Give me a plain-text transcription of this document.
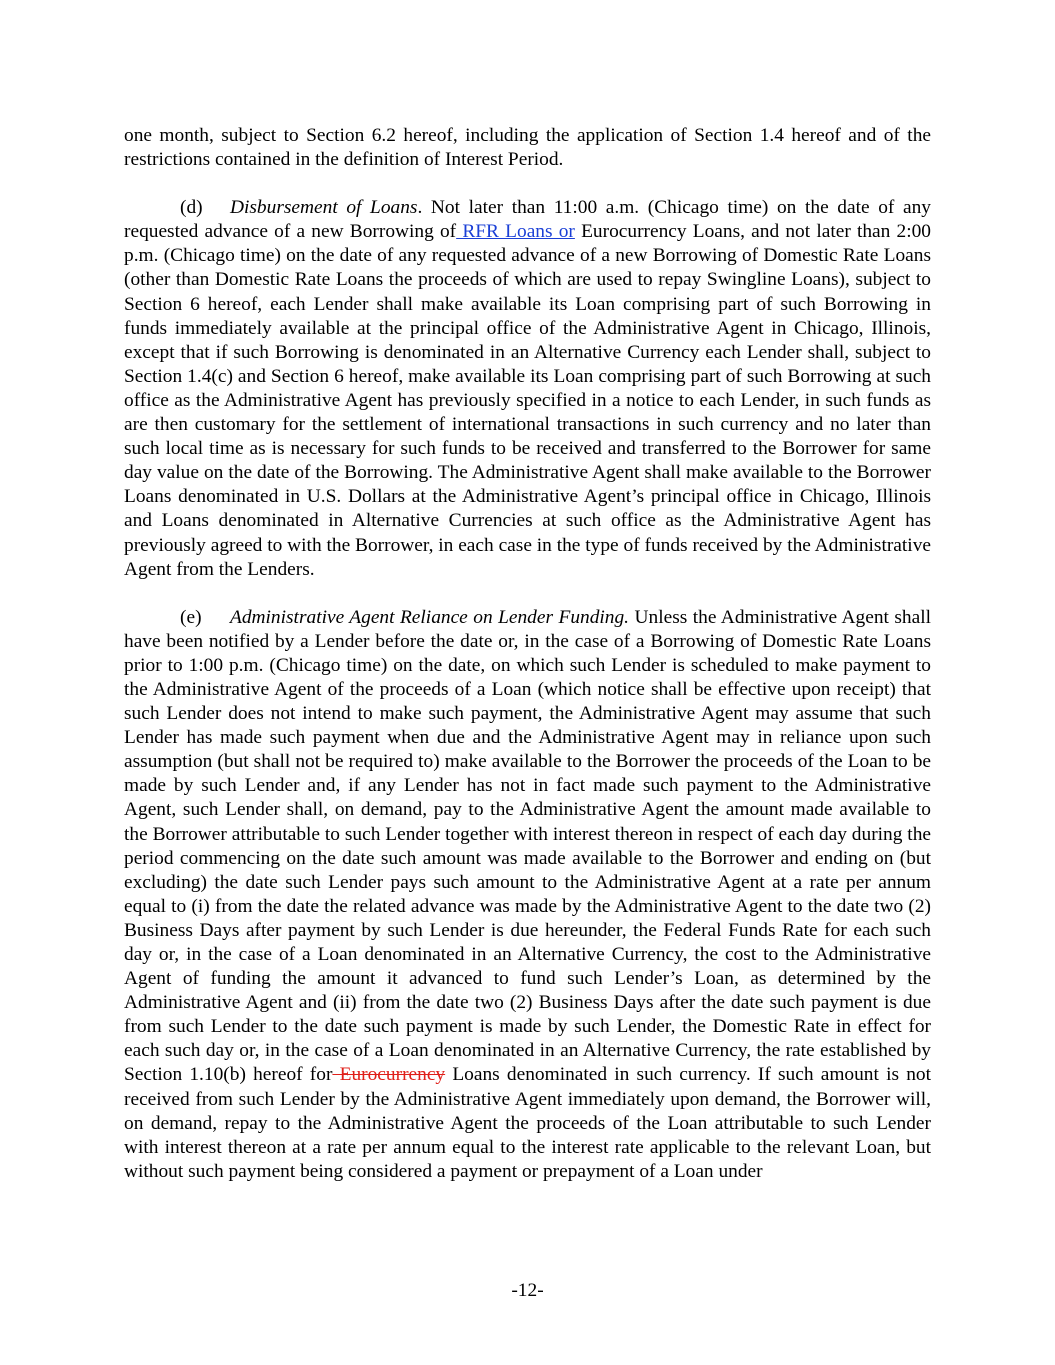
one month, subject to Section 6.2 hereof, including the application of Section 1.4 hereof and of the restrictions contained in the definition of Interest Period.

(d) Disbursement of Loans. Not later than 11:00 a.m. (Chicago time) on the date of any requested advance of a new Borrowing of RFR Loans or Eurocurrency Loans, and not later than 2:00 p.m. (Chicago time) on the date of any requested advance of a new Borrowing of Domestic Rate Loans (other than Domestic Rate Loans the proceeds of which are used to repay Swingline Loans), subject to Section 6 hereof, each Lender shall make available its Loan comprising part of such Borrowing in funds immediately available at the principal office of the Administrative Agent in Chicago, Illinois, except that if such Borrowing is denominated in an Alternative Currency each Lender shall, subject to Section 1.4(c) and Section 6 hereof, make available its Loan comprising part of such Borrowing at such office as the Administrative Agent has previously specified in a notice to each Lender, in such funds as are then customary for the settlement of international transactions in such currency and no later than such local time as is necessary for such funds to be received and transferred to the Borrower for same day value on the date of the Borrowing. The Administrative Agent shall make available to the Borrower Loans denominated in U.S. Dollars at the Administrative Agent’s principal office in Chicago, Illinois and Loans denominated in Alternative Currencies at such office as the Administrative Agent has previously agreed to with the Borrower, in each case in the type of funds received by the Administrative Agent from the Lenders.

(e) Administrative Agent Reliance on Lender Funding. Unless the Administrative Agent shall have been notified by a Lender before the date or, in the case of a Borrowing of Domestic Rate Loans prior to 1:00 p.m. (Chicago time) on the date, on which such Lender is scheduled to make payment to the Administrative Agent of the proceeds of a Loan (which notice shall be effective upon receipt) that such Lender does not intend to make such payment, the Administrative Agent may assume that such Lender has made such payment when due and the Administrative Agent may in reliance upon such assumption (but shall not be required to) make available to the Borrower the proceeds of the Loan to be made by such Lender and, if any Lender has not in fact made such payment to the Administrative Agent, such Lender shall, on demand, pay to the Administrative Agent the amount made available to the Borrower attributable to such Lender together with interest thereon in respect of each day during the period commencing on the date such amount was made available to the Borrower and ending on (but excluding) the date such Lender pays such amount to the Administrative Agent at a rate per annum equal to (i) from the date the related advance was made by the Administrative Agent to the date two (2) Business Days after payment by such Lender is due hereunder, the Federal Funds Rate for each such day or, in the case of a Loan denominated in an Alternative Currency, the cost to the Administrative Agent of funding the amount it advanced to fund such Lender’s Loan, as determined by the Administrative Agent and (ii) from the date two (2) Business Days after the date such payment is due from such Lender to the date such payment is made by such Lender, the Domestic Rate in effect for each such day or, in the case of a Loan denominated in an Alternative Currency, the rate established by Section 1.10(b) hereof for Eurocurrency Loans denominated in such currency. If such amount is not received from such Lender by the Administrative Agent immediately upon demand, the Borrower will, on demand, repay to the Administrative Agent the proceeds of the Loan attributable to such Lender with interest thereon at a rate per annum equal to the interest rate applicable to the relevant Loan, but without such payment being considered a payment or prepayment of a Loan under

-12-
